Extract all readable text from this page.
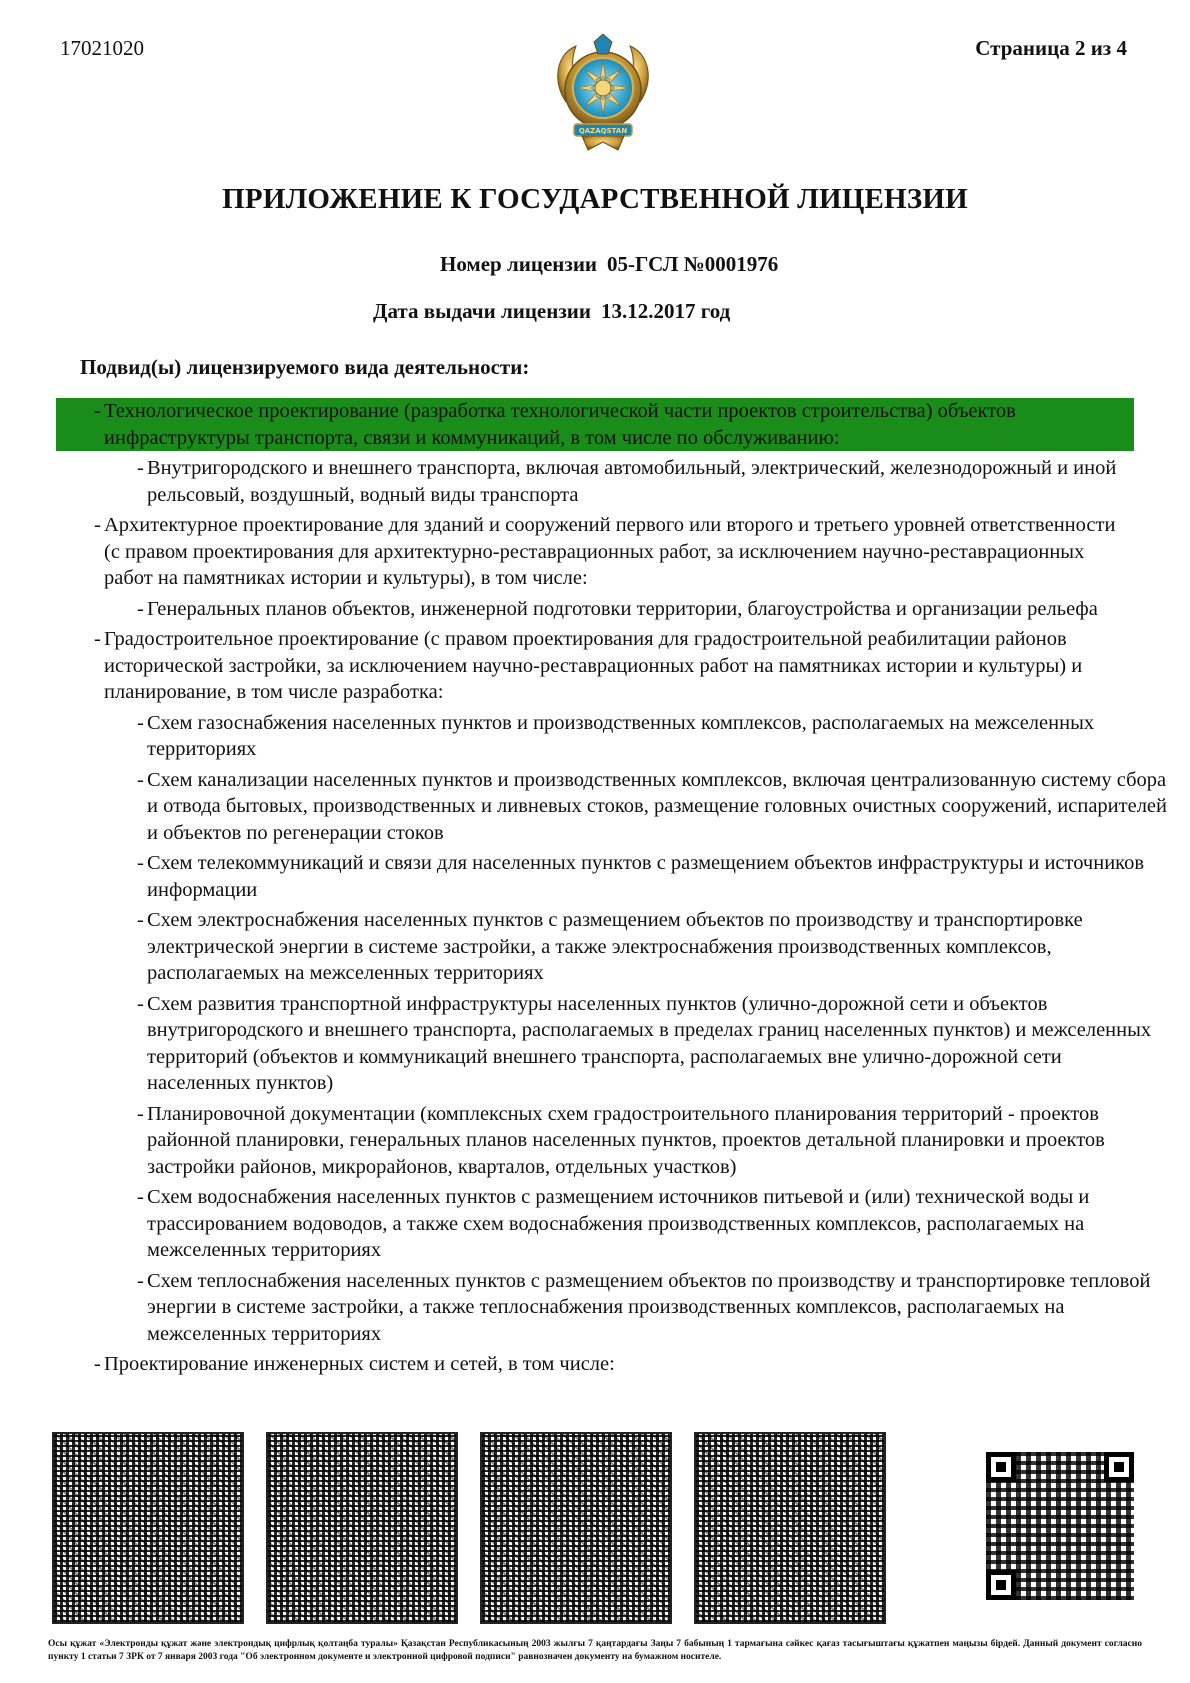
17021020	Страница 2 из 4
QAZAQSTAN
ПРИЛОЖЕНИЕ К ГОСУДАРСТВЕННОЙ ЛИЦЕНЗИИ
Номер лицензии 05-ГСЛ №0001976
Дата выдачи лицензии 13.12.2017 год
Подвид(ы) лицензируемого вида деятельности:
- Технологическое проектирование (разработка технологической части проектов строительства) объектов инфраструктуры транспорта, связи и коммуникаций, в том числе по обслуживанию:
- Внутригородского и внешнего транспорта, включая автомобильный, электрический, железнодорожный и иной рельсовый, воздушный, водный виды транспорта
- Архитектурное проектирование для зданий и сооружений первого или второго и третьего уровней ответственности (с правом проектирования для архитектурно-реставрационных работ, за исключением научно-реставрационных работ на памятниках истории и культуры), в том числе:
- Генеральных планов объектов, инженерной подготовки территории, благоустройства и организации рельефа
- Градостроительное проектирование (с правом проектирования для градостроительной реабилитации районов исторической застройки, за исключением научно-реставрационных работ на памятниках истории и культуры) и планирование, в том числе разработка:
- Схем газоснабжения населенных пунктов и производственных комплексов, располагаемых на межселенных территориях
- Схем канализации населенных пунктов и производственных комплексов, включая централизованную систему сбора и отвода бытовых, производственных и ливневых стоков, размещение головных очистных сооружений, испарителей и объектов по регенерации стоков
- Схем телекоммуникаций и связи для населенных пунктов с размещением объектов инфраструктуры и источников информации
- Схем электроснабжения населенных пунктов с размещением объектов по производству и транспортировке электрической энергии в системе застройки, а также электроснабжения производственных комплексов, располагаемых на межселенных территориях
- Схем развития транспортной инфраструктуры населенных пунктов (улично-дорожной сети и объектов внутригородского и внешнего транспорта, располагаемых в пределах границ населенных пунктов) и межселенных территорий (объектов и коммуникаций внешнего транспорта, располагаемых вне улично-дорожной сети населенных пунктов)
- Планировочной документации (комплексных схем градостроительного планирования территорий - проектов районной планировки, генеральных планов населенных пунктов, проектов детальной планировки и проектов застройки районов, микрорайонов, кварталов, отдельных участков)
- Схем водоснабжения населенных пунктов с размещением источников питьевой и (или) технической воды и трассированием водоводов, а также схем водоснабжения производственных комплексов, располагаемых на межселенных территориях
- Схем теплоснабжения населенных пунктов с размещением объектов по производству и транспортировке тепловой энергии в системе застройки, а также теплоснабжения производственных комплексов, располагаемых на межселенных территориях
- Проектирование инженерных систем и сетей, в том числе:
Осы құжат «Электронды құжат және электрондық цифрлық қолтаңба туралы» Қазақстан Республикасының 2003 жылғы 7 қаңтардағы Заңы 7 бабының 1 тармағына сәйкес қағаз тасығыштағы құжатпен маңызы бірдей. Данный документ согласно пункту 1 статьи 7 ЗРК от 7 января 2003 года "Об электронном документе и электронной цифровой подписи" равнозначен документу на бумажном носителе.
